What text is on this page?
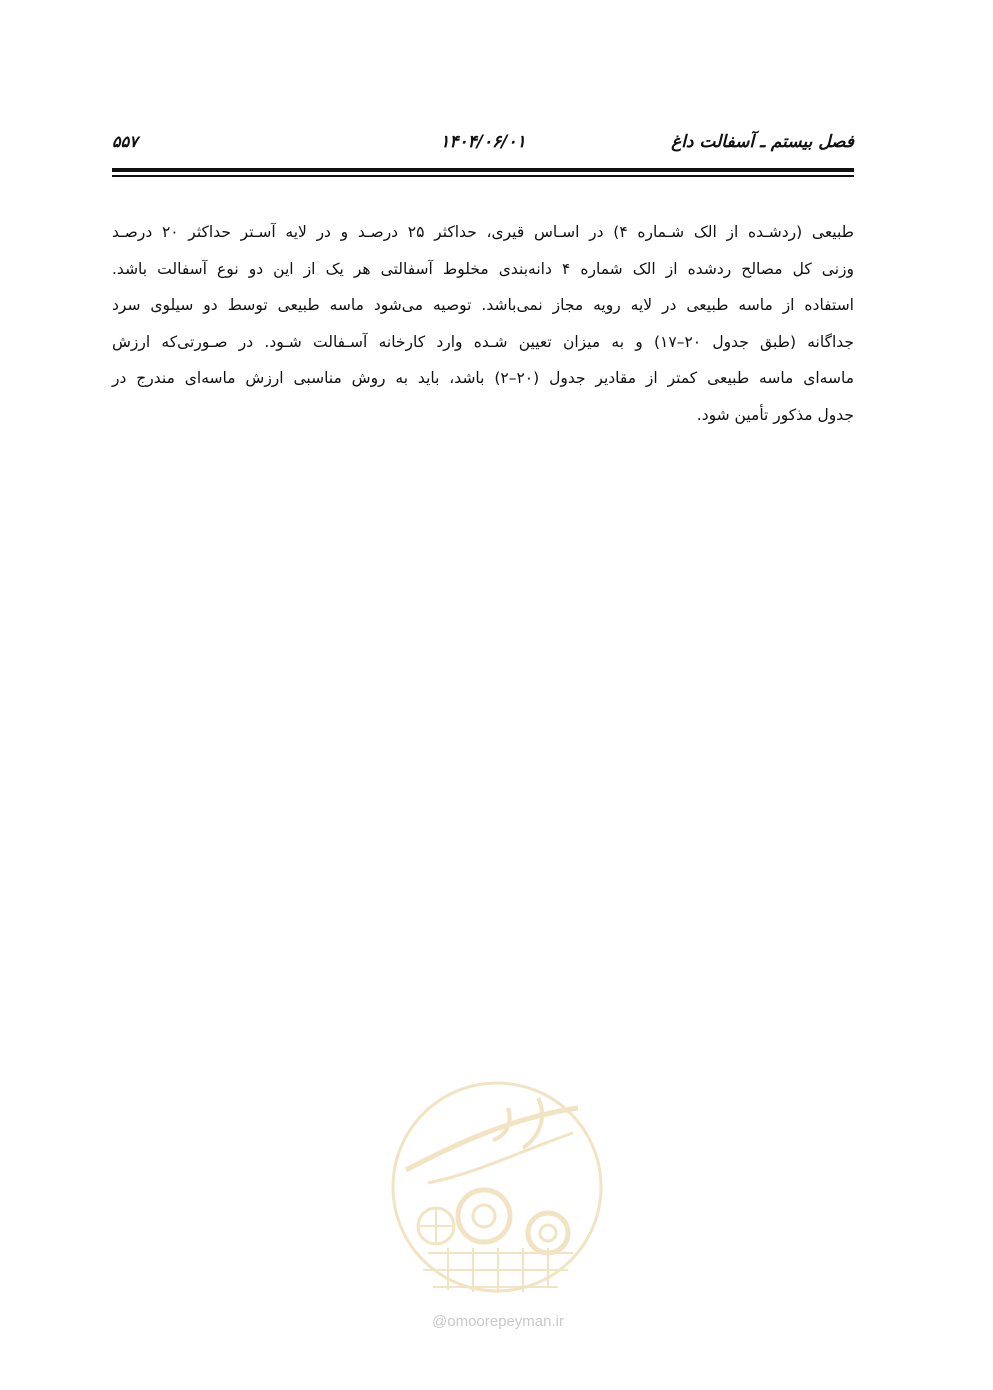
فصل بیستم ـ آسفالت داغ
۱۴۰۴/۰۶/۰۱
۵۵۷
طبیعی (ردشـده از الک شـماره ۴) در اسـاس قیری، حداکثر ۲۵ درصـد و در لایه آسـتر حداکثر ۲۰ درصـد
وزنی کل مصالح ردشده از الک شماره ۴ دانه‌بندی مخلوط آسفالتی هر یک از این دو نوع آسفالت باشد.
استفاده از ماسه طبیعی در لایه رویه مجاز نمی‌باشد. توصیه می‌شود ماسه طبیعی توسط دو سیلوی سرد
جداگانه (طبق جدول ۲۰–۱۷) و به میزان تعیین شـده وارد کارخانه آسـفالت شـود. در صـورتی‌که ارزش
ماسه‌ای ماسه طبیعی کمتر از مقادیر جدول (۲۰–۲) باشد، باید به روش مناسبی ارزش ماسه‌ای مندرج در
جدول مذکور تأمین شود.
@omoorepeyman.ir
